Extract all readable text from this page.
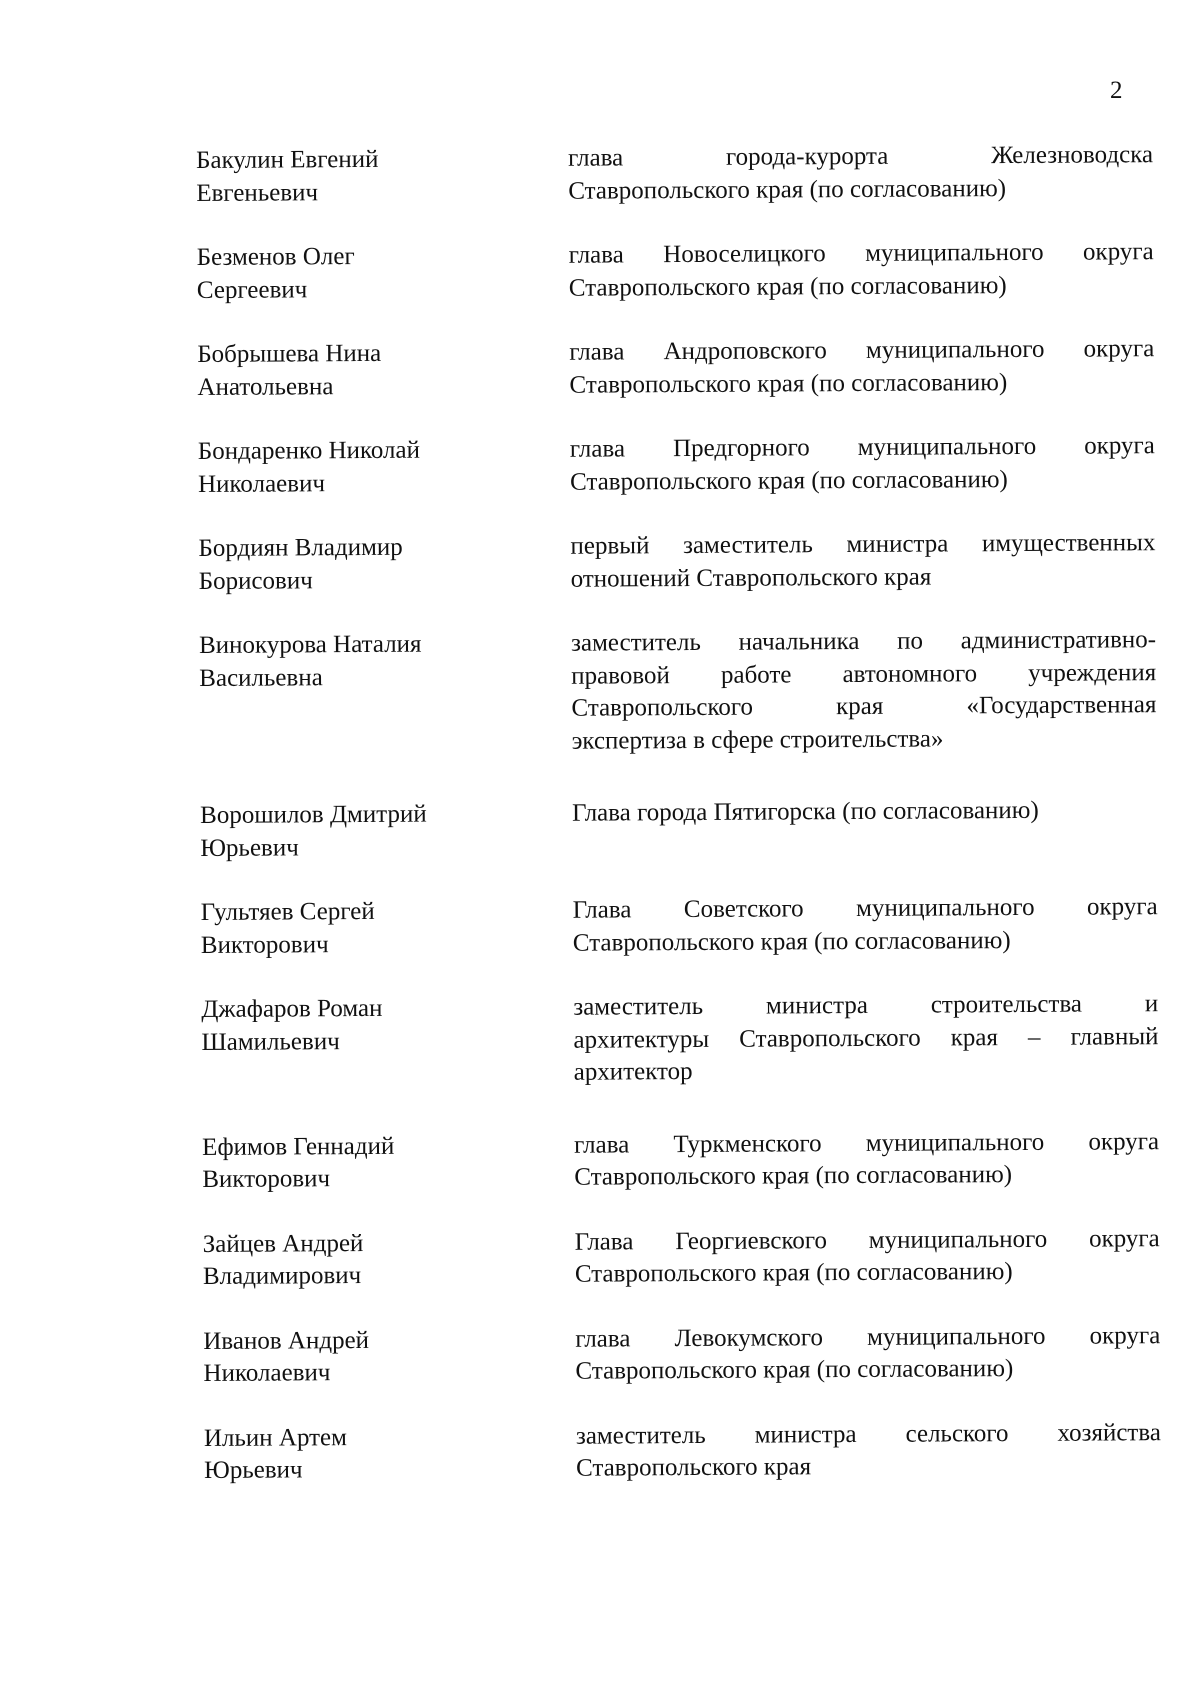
2
Бакулин Евгений
Евгеньевич
глава города-курорта Железноводска
Ставропольского края (по согласованию)
Безменов Олег
Сергеевич
глава Новоселицкого муниципального округа
Ставропольского края (по согласованию)
Бобрышева Нина
Анатольевна
глава Андроповского муниципального округа
Ставропольского края (по согласованию)
Бондаренко Николай
Николаевич
глава Предгорного муниципального округа
Ставропольского края (по согласованию)
Бордиян Владимир
Борисович
первый заместитель министра имущественных
отношений Ставропольского края
Винокурова Наталия
Васильевна
заместитель начальника по административно-
правовой работе автономного учреждения
Ставропольского края «Государственная
экспертиза в сфере строительства»
Ворошилов Дмитрий
Юрьевич
Глава города Пятигорска (по согласованию)
Гультяев Сергей
Викторович
Глава Советского муниципального округа
Ставропольского края (по согласованию)
Джафаров Роман
Шамильевич
заместитель министра строительства и
архитектуры Ставропольского края – главный
архитектор
Ефимов Геннадий
Викторович
глава Туркменского муниципального округа
Ставропольского края (по согласованию)
Зайцев Андрей
Владимирович
Глава Георгиевского муниципального округа
Ставропольского края (по согласованию)
Иванов Андрей
Николаевич
глава Левокумского муниципального округа
Ставропольского края (по согласованию)
Ильин Артем
Юрьевич
заместитель министра сельского хозяйства
Ставропольского края
